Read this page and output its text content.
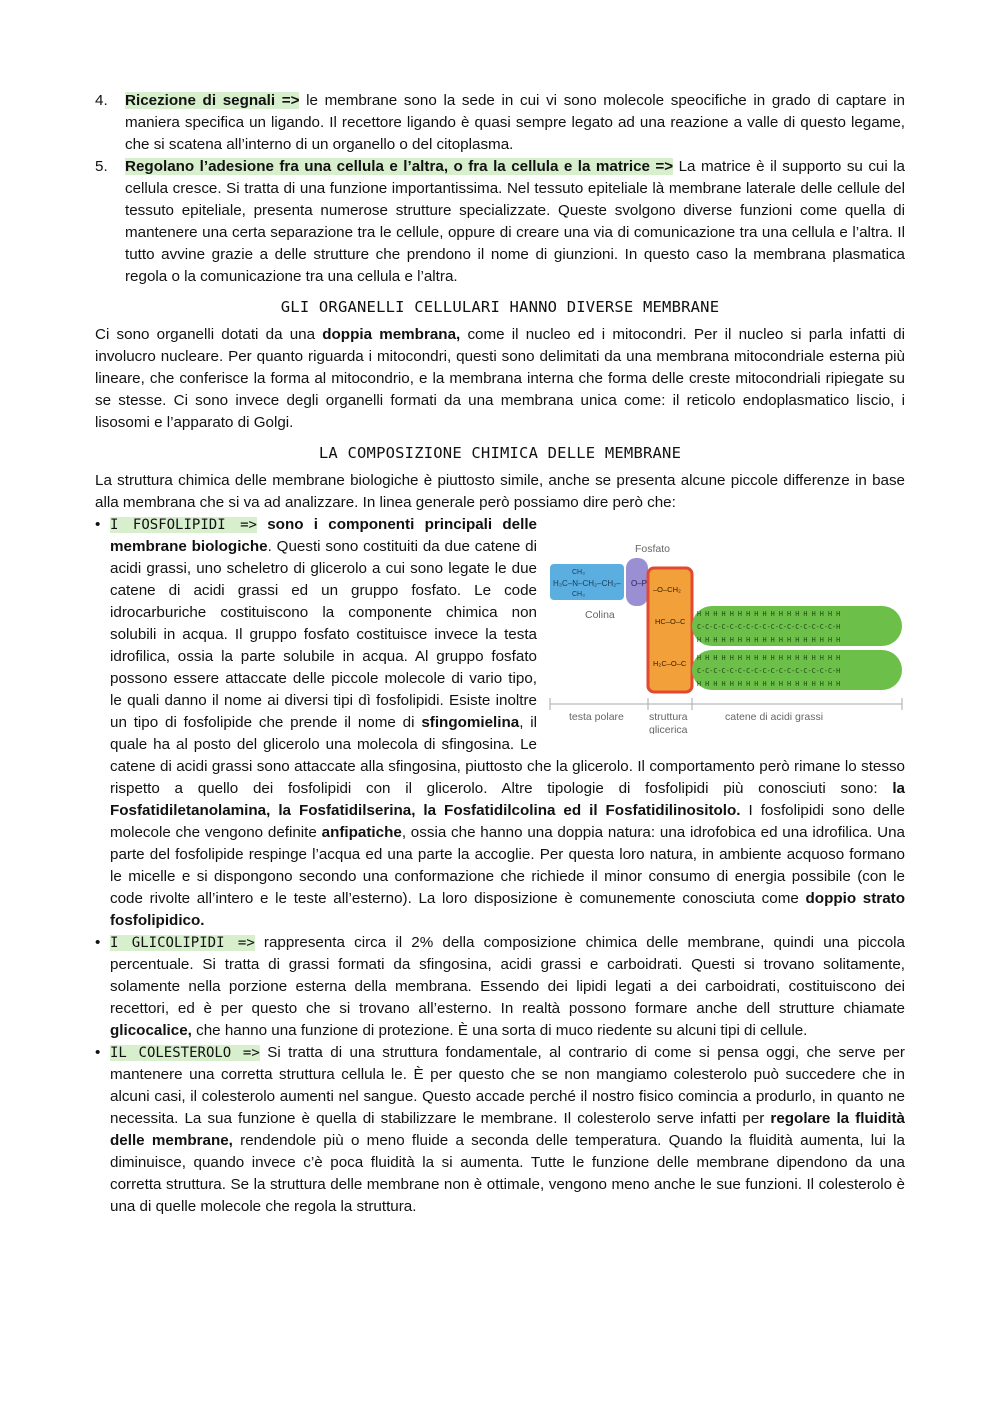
4. Ricezione di segnali => le membrane sono la sede in cui vi sono molecole speocifiche in grado di captare in maniera specifica un ligando. Il recettore ligando è quasi sempre legato ad una reazione a valle di questo legame, che si scatena all’interno di un organello o del citoplasma.
5. Regolano l’adesione fra una cellula e l’altra, o fra la cellula e la matrice => La matrice è il supporto su cui la cellula cresce. Si tratta di una funzione importantissima. Nel tessuto epiteliale là membrane laterale delle cellule del tessuto epiteliale, presenta numerose strutture specializzate. Queste svolgono diverse funzioni come quella di mantenere una certa separazione tra le cellule, oppure di creare una via di comunicazione tra una cellula e l’altra. Il tutto avvine grazie a delle strutture che prendono il nome di giunzioni. In questo caso la membrana plasmatica regola o la comunicazione tra una cellula e l’altra.
GLI ORGANELLI CELLULARI HANNO DIVERSE MEMBRANE

Ci sono organelli dotati da una doppia membrana, come il nucleo ed i mitocondri. Per il nucleo si parla infatti di involucro nucleare. Per quanto riguarda i mitocondri, questi sono delimitati da una membrana mitocondriale esterna più lineare, che conferisce la forma al mitocondrio, e la membrana interna che forma delle creste mitocondriali ripiegate su se stesse. Ci sono invece degli organelli formati da una membrana unica come: il reticolo endoplasmatico liscio, i lisosomi e l’apparato di Golgi.

LA COMPOSIZIONE CHIMICA DELLE MEMBRANE

La struttura chimica delle membrane biologiche è piuttosto simile, anche se presenta alcune piccole differenze in base alla membrana che si va ad analizzare. In linea generale però possiamo dire però che:

•
Fosfato
H₃C–N–CH₂–CH₂–
CH₃
CH₃
Colina
O–P
–O–CH₂
HC–O–C
H₂C–O–C
H H H H H H H H H H H H H H H H H H
C-C-C-C-C-C-C-C-C-C-C-C-C-C-C-C-C-H
H H H H H H H H H H H H H H H H H H
H H H H H H H H H H H H H H H H H H
C-C-C-C-C-C-C-C-C-C-C-C-C-C-C-C-C-H
H H H H H H H H H H H H H H H H H H
testa polare struttura
glicerica
catene di acidi grassi
I FOSFOLIPIDI => sono i componenti principali delle membrane biologiche. Questi sono costituiti da due catene di acidi grassi, uno scheletro di glicerolo a cui sono legate le due catene di acidi grassi ed un gruppo fosfato. Le code idrocarburiche costituiscono la componente chimica non solubili in acqua. Il gruppo fosfato costituisce invece la testa idrofilica, ossia la parte solubile in acqua. Al gruppo fosfato possono essere attaccate delle piccole molecole di vario tipo, le quali danno il nome ai diversi tipi dì fosfolipidi. Esiste inoltre un tipo di fosfolipide che prende il nome di sfingomielina, il quale ha al posto del glicerolo una molecola di sfingosina. Le catene di acidi grassi sono attaccate alla sfingosina, piuttosto che la glicerolo. Il comportamento però rimane lo stesso rispetto a quello dei fosfolipidi con il glicerolo. Altre tipologie di fosfolipidi più conosciuti sono: la Fosfatidiletanolamina, la Fosfatidilserina, la Fosfatidilcolina ed il Fosfatidilinositolo. I fosfolipidi sono delle molecole che vengono definite anfipatiche, ossia che hanno una doppia natura: una idrofobica ed una idrofilica. Una parte del fosfolipide respinge l’acqua ed una parte la accoglie. Per questa loro natura, in ambiente acquoso formano le micelle e si dispongono secondo una conformazione che richiede il minor consumo di energia possibile (con le code rivolte all’intero e le teste all’esterno). La loro disposizione è comunemente conosciuta come doppio strato fosfolipidico.
• I GLICOLIPIDI => rappresenta circa il 2% della composizione chimica delle membrane, quindi una piccola percentuale. Si tratta di grassi formati da sfingosina, acidi grassi e carboidrati. Questi si trovano solitamente, solamente nella porzione esterna della membrana. Essendo dei lipidi legati a dei carboidrati, costituiscono dei recettori, ed è per questo che si trovano all’esterno. In realtà possono formare anche dell strutture chiamate glicocalice, che hanno una funzione di protezione. È una sorta di muco riedente su alcuni tipi di cellule.
• IL COLESTEROLO => Si tratta di una struttura fondamentale, al contrario di come si pensa oggi, che serve per mantenere una corretta struttura cellula le. È per questo che se non mangiamo colesterolo può succedere che in alcuni casi, il colesterolo aumenti nel sangue. Questo accade perché il nostro fisico comincia a produrlo, in quanto ne necessita. La sua funzione è quella di stabilizzare le membrane. Il colesterolo serve infatti per regolare la fluidità delle membrane, rendendole più o meno fluide a seconda delle temperatura. Quando la fluidità aumenta, lui la diminuisce, quando invece c’è poca fluidità la si aumenta. Tutte le funzione delle membrane dipendono da una corretta struttura. Se la struttura delle membrane non è ottimale, vengono meno anche le sue funzioni. Il colesterolo è una di quelle molecole che regola la struttura.
